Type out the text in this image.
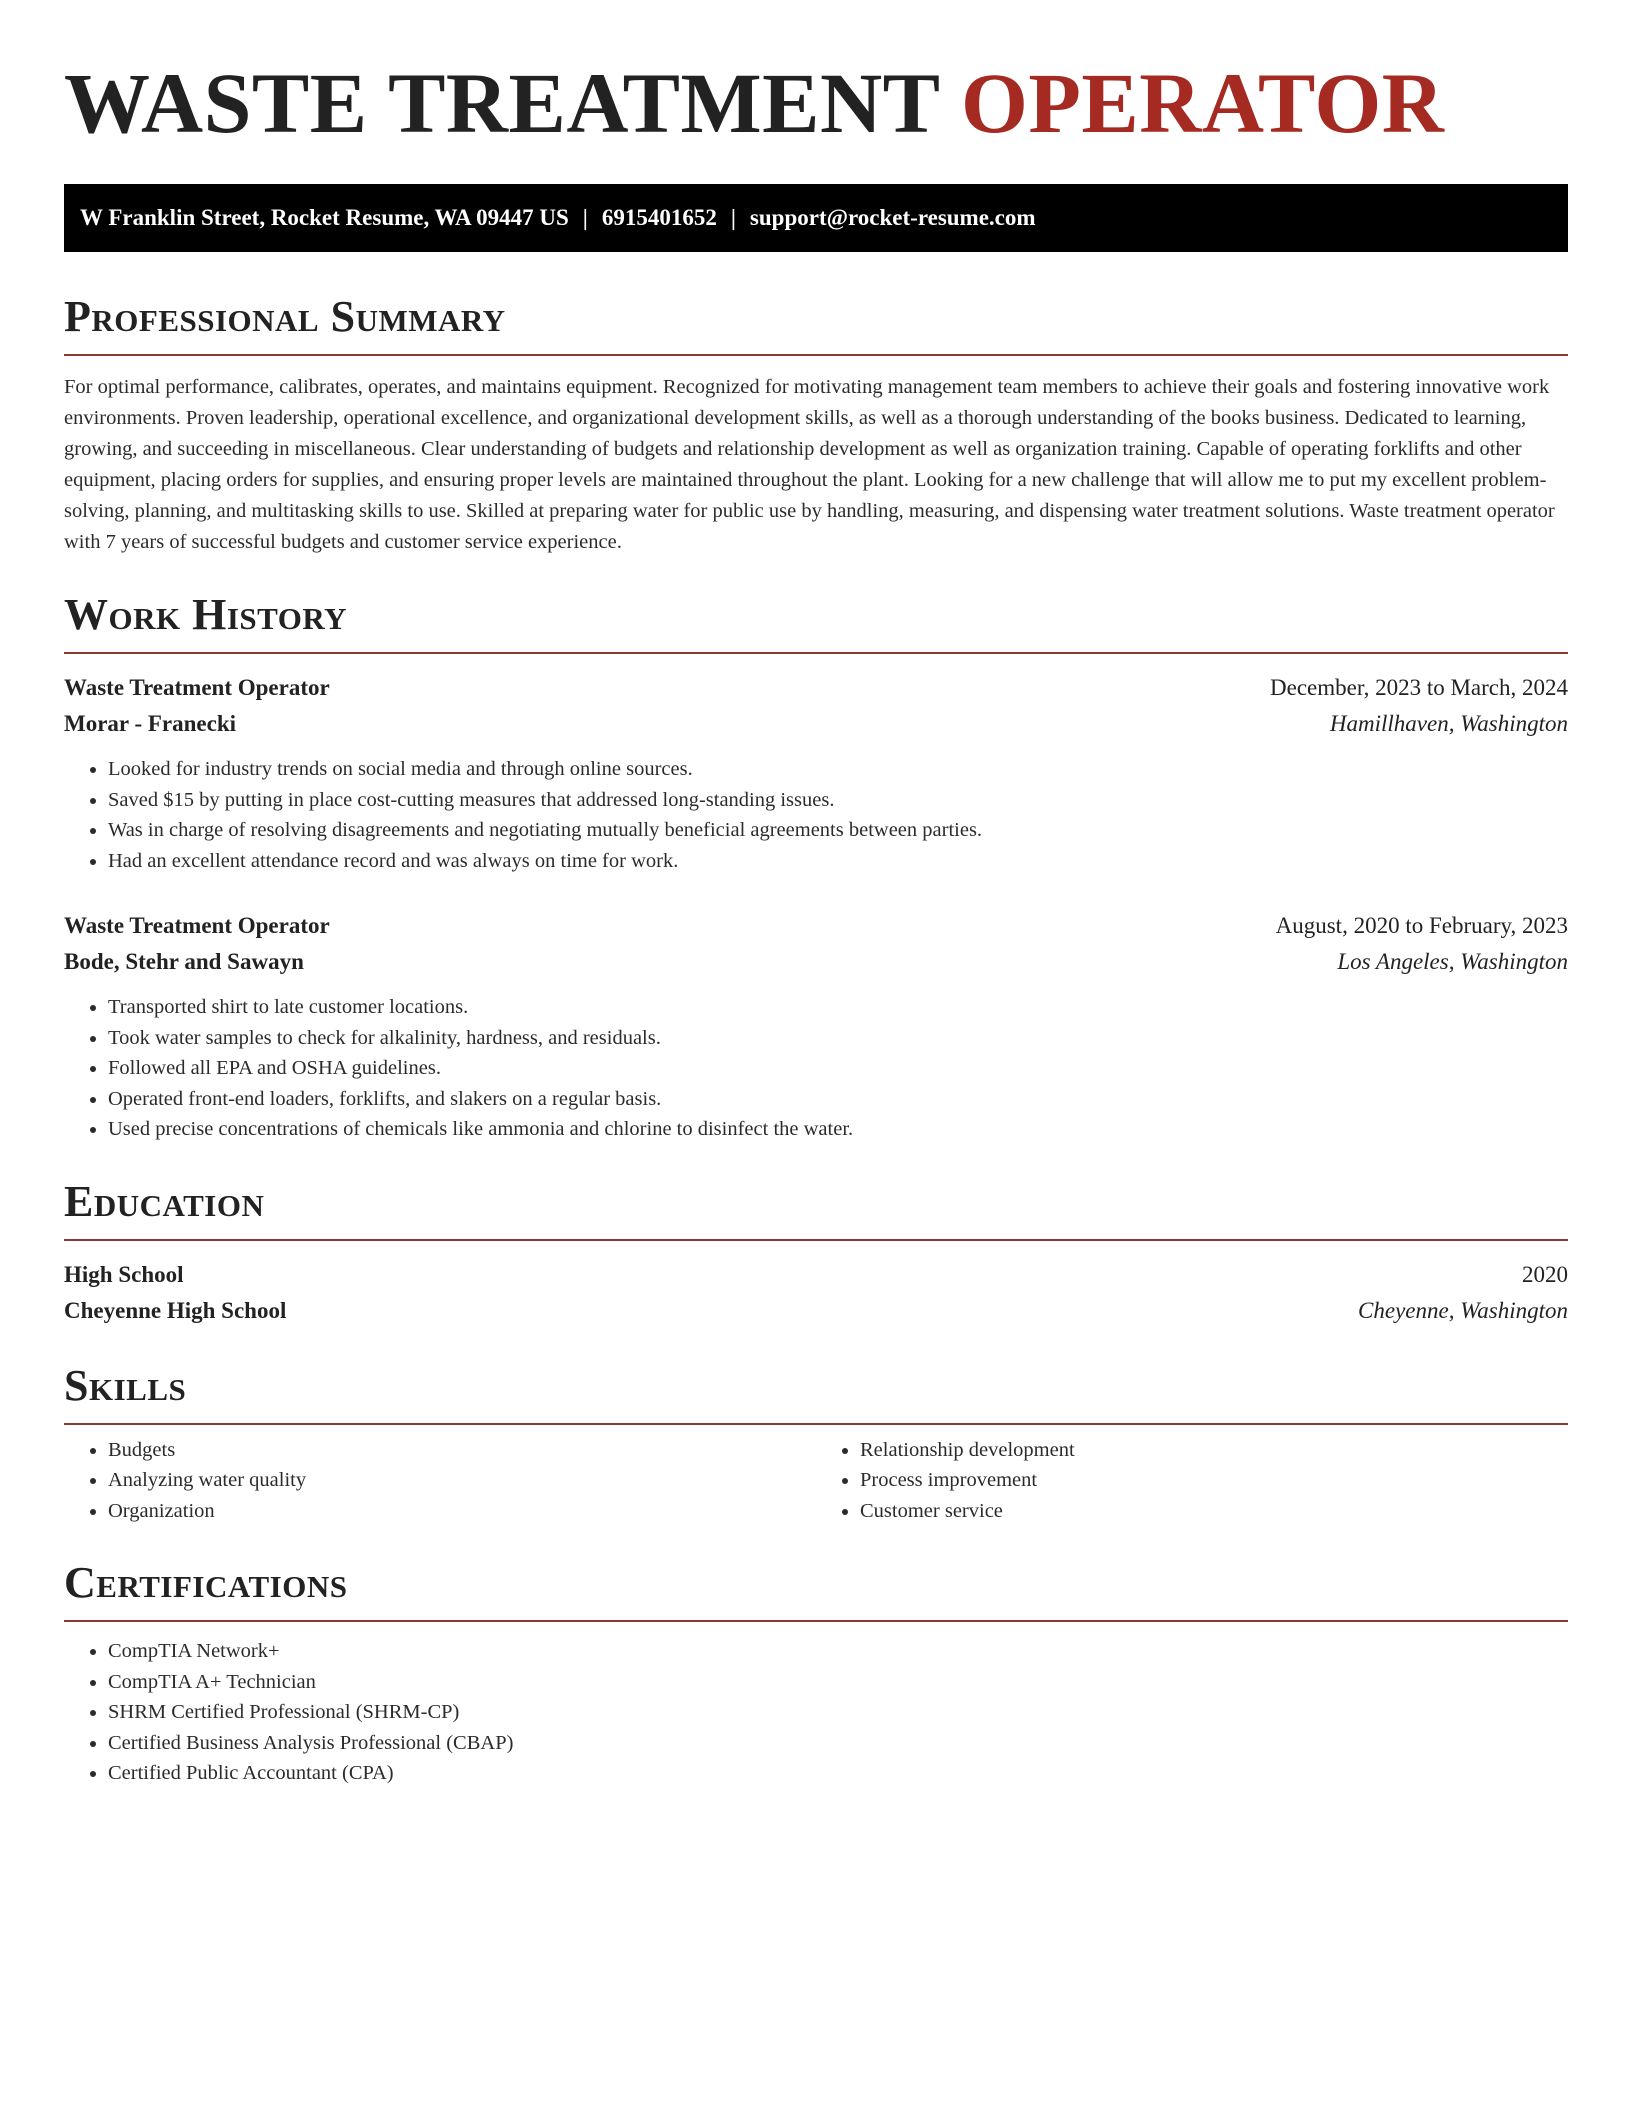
WASTE TREATMENT OPERATOR
W Franklin Street, Rocket Resume, WA 09447 US | 6915401652 | support@rocket-resume.com
Professional Summary

For optimal performance, calibrates, operates, and maintains equipment. Recognized for motivating management team members to achieve their goals and fostering innovative work environments. Proven leadership, operational excellence, and organizational development skills, as well as a thorough understanding of the books business. Dedicated to learning, growing, and succeeding in miscellaneous. Clear understanding of budgets and relationship development as well as organization training. Capable of operating forklifts and other equipment, placing orders for supplies, and ensuring proper levels are maintained throughout the plant. Looking for a new challenge that will allow me to put my excellent problem-solving, planning, and multitasking skills to use. Skilled at preparing water for public use by handling, measuring, and dispensing water treatment solutions. Waste treatment operator with 7 years of successful budgets and customer service experience.

Work History
Waste Treatment Operator	December, 2023 to March, 2024
Morar - Franecki	Hamillhaven, Washington
• Looked for industry trends on social media and through online sources.
• Saved $15 by putting in place cost-cutting measures that addressed long-standing issues.
• Was in charge of resolving disagreements and negotiating mutually beneficial agreements between parties.
• Had an excellent attendance record and was always on time for work.
Waste Treatment Operator	August, 2020 to February, 2023
Bode, Stehr and Sawayn	Los Angeles, Washington
• Transported shirt to late customer locations.
• Took water samples to check for alkalinity, hardness, and residuals.
• Followed all EPA and OSHA guidelines.
• Operated front-end loaders, forklifts, and slakers on a regular basis.
• Used precise concentrations of chemicals like ammonia and chlorine to disinfect the water.
Education
High School	2020
Cheyenne High School	Cheyenne, Washington
Skills
• Budgets
• Analyzing water quality
• Organization
• Relationship development
• Process improvement
• Customer service
Certifications
• CompTIA Network+
• CompTIA A+ Technician
• SHRM Certified Professional (SHRM-CP)
• Certified Business Analysis Professional (CBAP)
• Certified Public Accountant (CPA)
